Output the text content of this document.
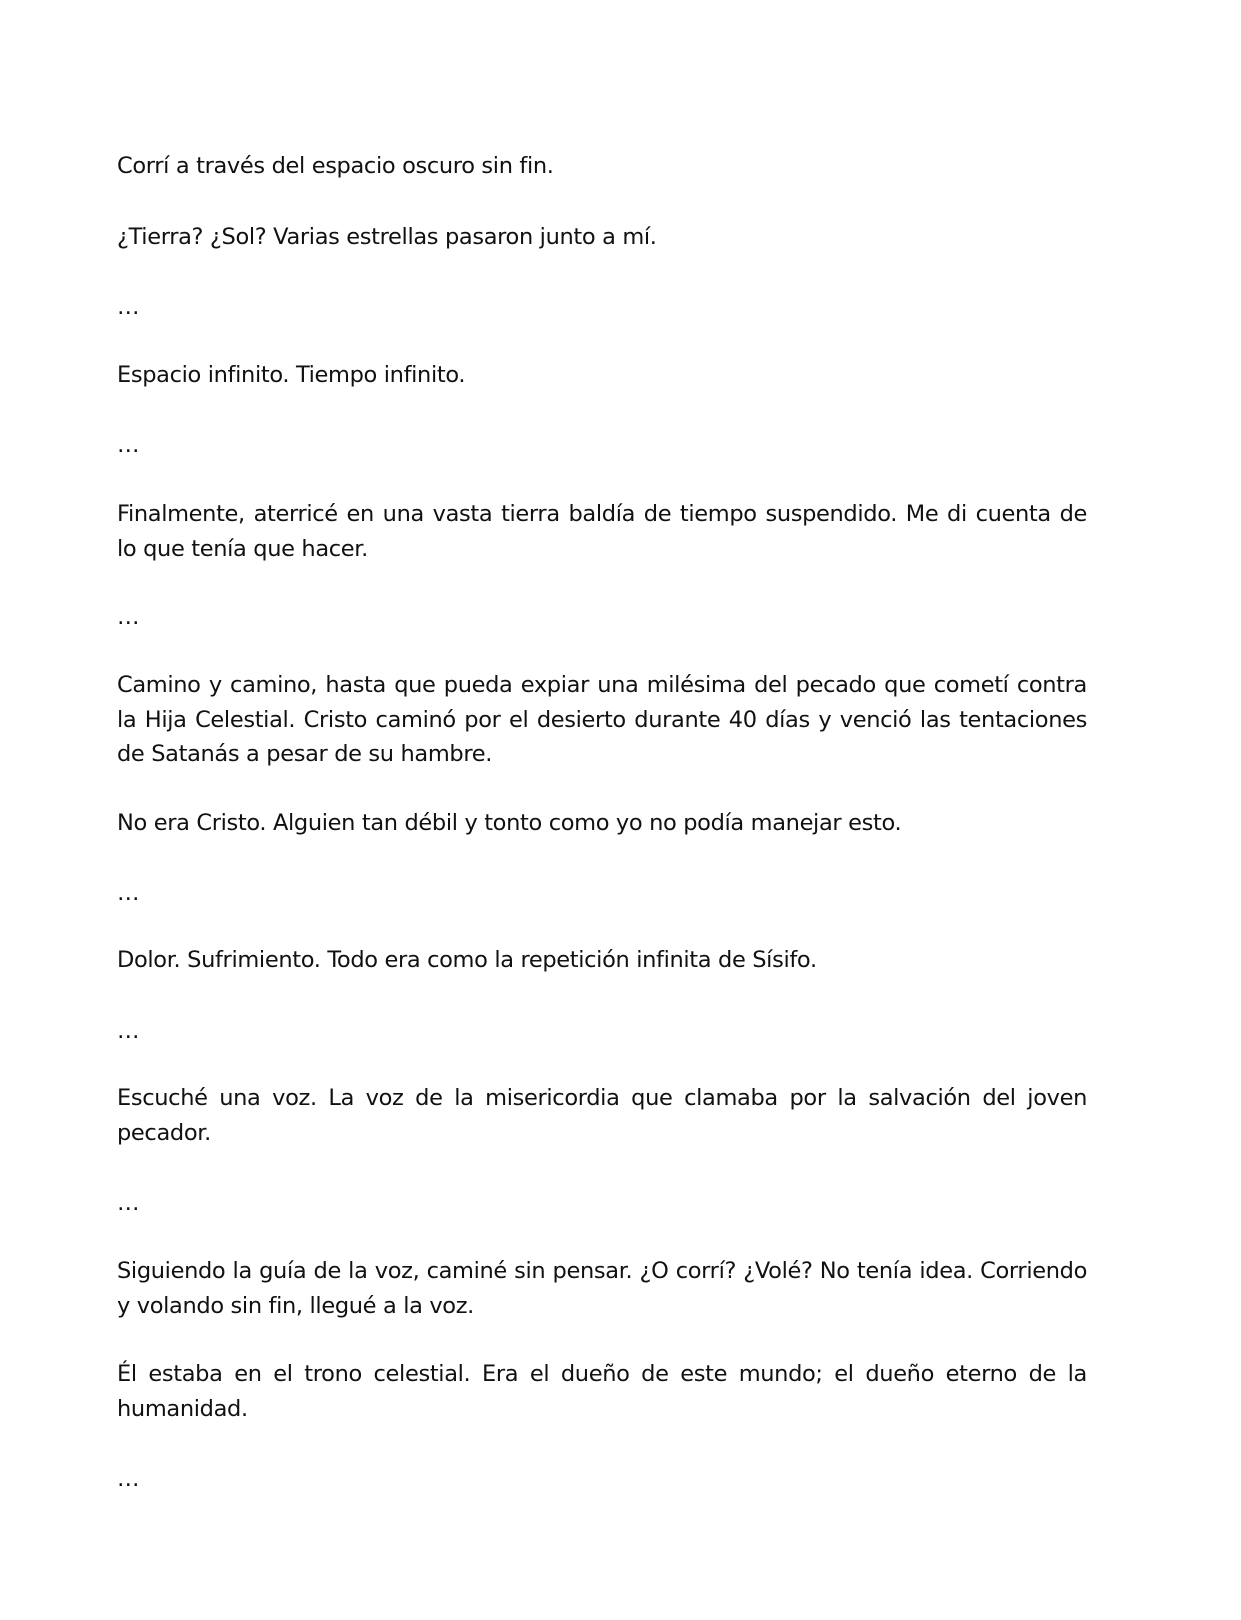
Corrí a través del espacio oscuro sin fin.

¿Tierra? ¿Sol? Varias estrellas pasaron junto a mí.

…

Espacio infinito. Tiempo infinito.

…

Finalmente, aterricé en una vasta tierra baldía de tiempo suspendido. Me di cuenta de lo que tenía que hacer.

…

Camino y camino, hasta que pueda expiar una milésima del pecado que cometí contra la Hija Celestial. Cristo caminó por el desierto durante 40 días y venció las tentaciones de Satanás a pesar de su hambre.

No era Cristo. Alguien tan débil y tonto como yo no podía manejar esto.

…

Dolor. Sufrimiento. Todo era como la repetición infinita de Sísifo.

…

Escuché una voz. La voz de la misericordia que clamaba por la salvación del joven pecador.

…

Siguiendo la guía de la voz, caminé sin pensar. ¿O corrí? ¿Volé? No tenía idea. Corriendo y volando sin fin, llegué a la voz.

Él estaba en el trono celestial. Era el dueño de este mundo; el dueño eterno de la humanidad.

…
